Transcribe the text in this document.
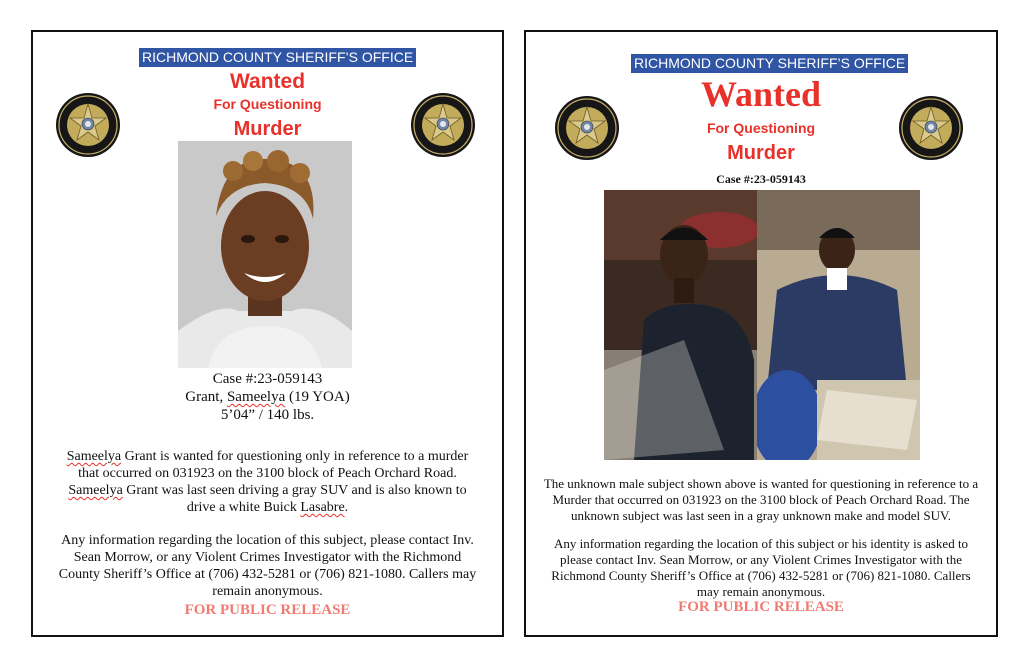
RICHMOND COUNTY SHERIFF’S OFFICE
Wanted
For Questioning
Murder
Case #:23-059143
Grant, Sameelya (19 YOA)
5’04” / 140 lbs.
Sameelya Grant is wanted for questioning only in reference to a murder
that occurred on 031923 on the 3100 block of Peach Orchard Road.
Sameelya Grant was last seen driving a gray SUV and is also known to
drive a white Buick Lasabre.
Any information regarding the location of this subject, please contact Inv.
Sean Morrow, or any Violent Crimes Investigator with the Richmond
County Sheriff’s Office at (706) 432-5281 or (706) 821-1080. Callers may
remain anonymous.
FOR PUBLIC RELEASE
RICHMOND COUNTY SHERIFF’S OFFICE
Wanted
For Questioning
Murder
Case #:23-059143
The unknown male subject shown above is wanted for questioning in reference to a
Murder that occurred on 031923 on the 3100 block of Peach Orchard Road. The
unknown subject was last seen in a gray unknown make and model SUV.
Any information regarding the location of this subject or his identity is asked to
please contact Inv. Sean Morrow, or any Violent Crimes Investigator with the
Richmond County Sheriff’s Office at (706) 432-5281 or (706) 821-1080. Callers
may remain anonymous.
FOR PUBLIC RELEASE
